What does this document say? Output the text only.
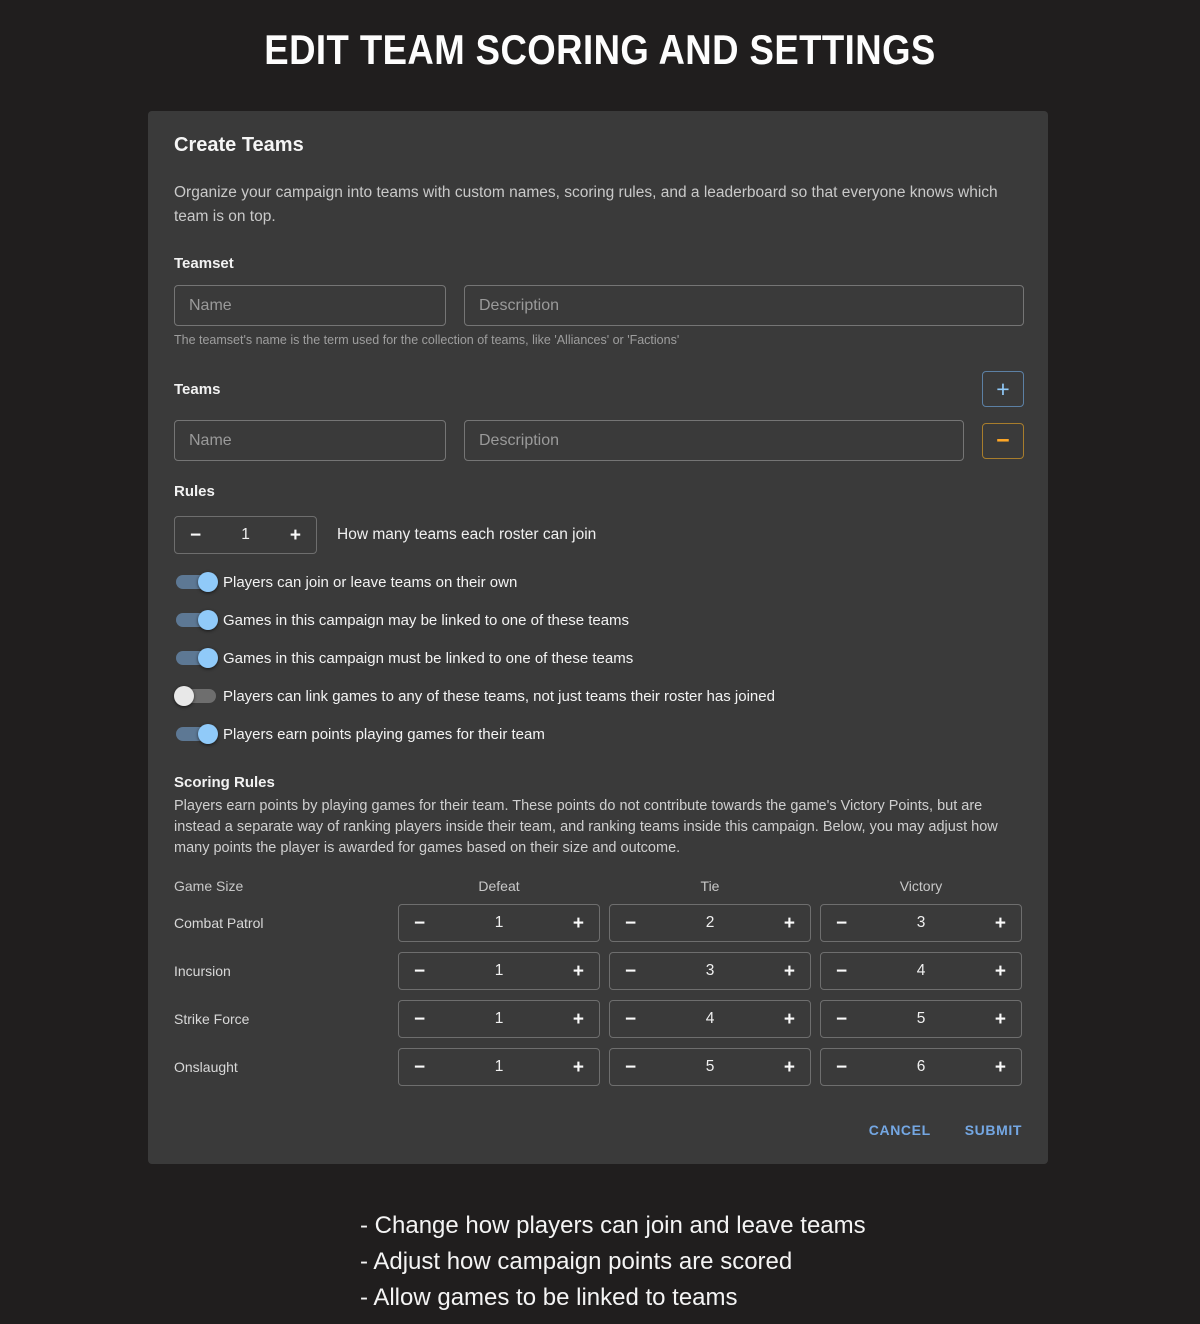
EDIT TEAM SCORING AND SETTINGS
Create Teams

Organize your campaign into teams with custom names, scoring rules, and a leaderboard so that everyone knows which team is on top.

Teamset
Name
Description
The teamset's name is the term used for the collection of teams, like 'Alliances' or 'Factions'
Teams	+
Name
Description
−
Rules
−	1 + How many teams each roster can join
Players can join or leave teams on their own
Games in this campaign may be linked to one of these teams
Games in this campaign must be linked to one of these teams
Players can link games to any of these teams, not just teams their roster has joined
Players earn points playing games for their team
Scoring Rules

Players earn points by playing games for their team. These points do not contribute towards the game's Victory Points, but are instead a separate way of ranking players inside their team, and ranking teams inside this campaign. Below, you may adjust how many points the player is awarded for games based on their size and outcome.

Game Size	Defeat	Tie	Victory
Combat Patrol	−	1	+ −	2	+ −	3	+
Incursion	−	1	+ −	3	+ −	4	+
Strike Force	−	1	+ −	4	+ −	5	+
Onslaught	−	1	+ −	5	+ −	6	+
CANCEL SUBMIT
- Change how players can join and leave teams
- Adjust how campaign points are scored
- Allow games to be linked to teams
